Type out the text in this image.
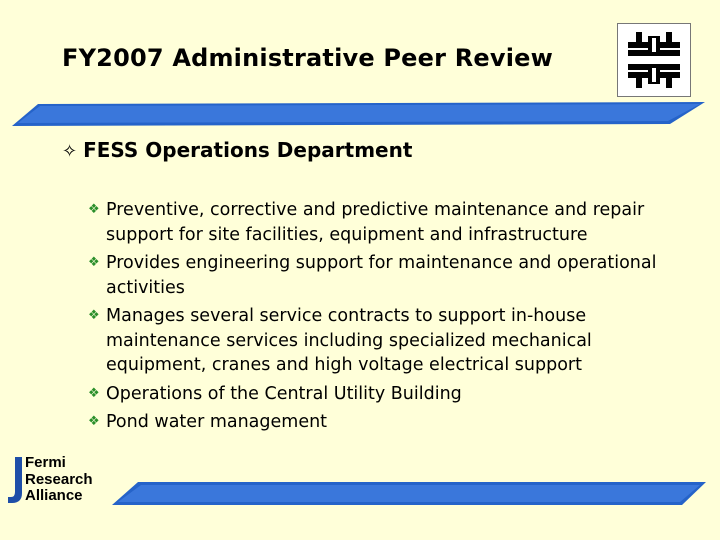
FY2007 Administrative Peer Review
✧ FESS Operations Department
❖ Preventive, corrective and predictive maintenance and repair support for site facilities, equipment and infrastructure
❖ Provides engineering support for maintenance and operational activities
❖ Manages several service contracts to support in-house maintenance services including specialized mechanical equipment, cranes and high voltage electrical support
❖ Operations of the Central Utility Building
❖ Pond water management
Fermi
Research
Alliance
